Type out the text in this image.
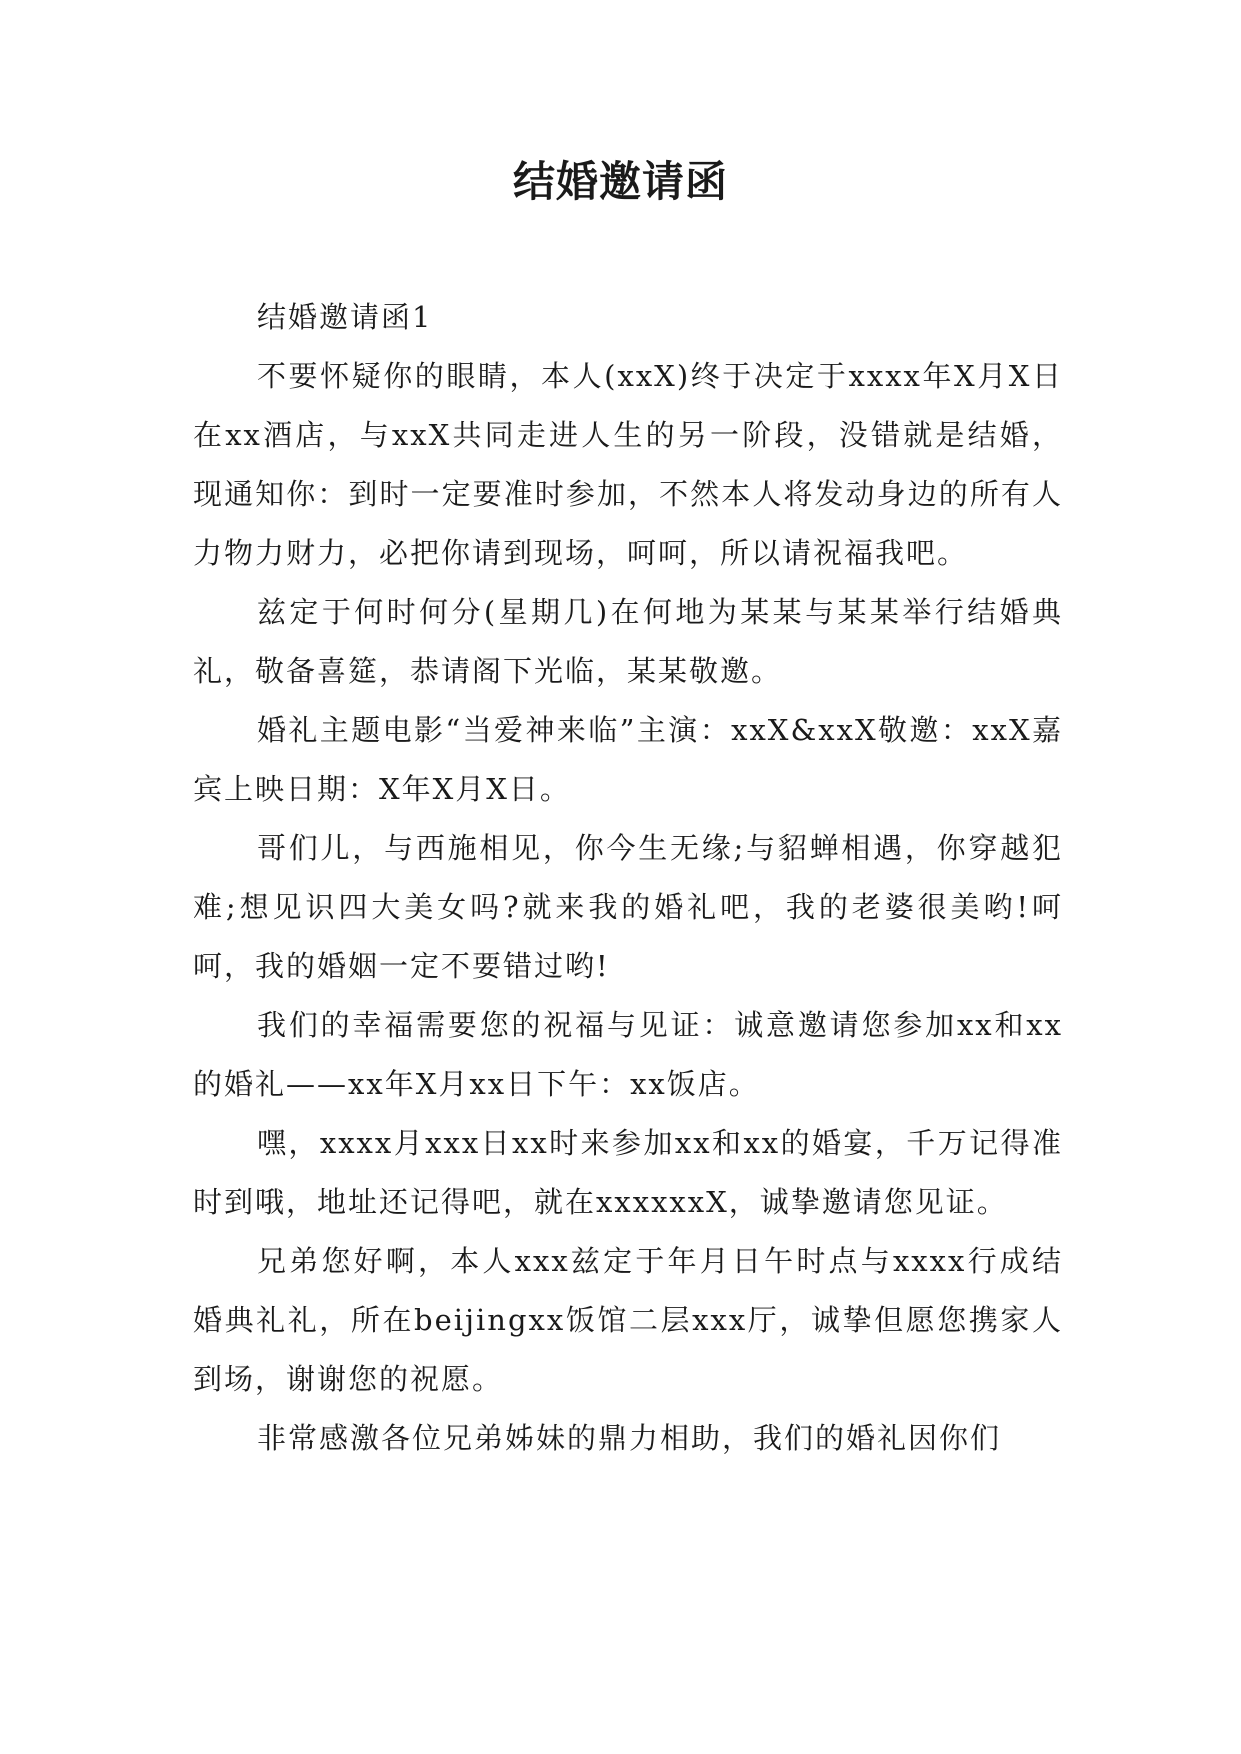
结婚邀请函

结婚邀请函1

不要怀疑你的眼睛，本人(xxX)终于决定于xxxx年X月X日在xx酒店，与xxX共同走进人生的另一阶段，没错就是结婚，现通知你：到时一定要准时参加，不然本人将发动身边的所有人力物力财力，必把你请到现场，呵呵，所以请祝福我吧。

兹定于何时何分(星期几)在何地为某某与某某举行结婚典礼，敬备喜筵，恭请阁下光临，某某敬邀。

婚礼主题电影“当爱神来临”主演：xxX&xxX敬邀：xxX嘉宾上映日期：X年X月X日。

哥们儿，与西施相见，你今生无缘;与貂蝉相遇，你穿越犯难;想见识四大美女吗?就来我的婚礼吧，我的老婆很美哟!呵呵，我的婚姻一定不要错过哟!

我们的幸福需要您的祝福与见证：诚意邀请您参加xx和xx的婚礼——xx年X月xx日下午：xx饭店。

嘿，xxxx月xxx日xx时来参加xx和xx的婚宴，千万记得准时到哦，地址还记得吧，就在xxxxxxX，诚挚邀请您见证。

兄弟您好啊，本人xxx兹定于年月日午时点与xxxx行成结婚典礼礼，所在beijingxx饭馆二层xxx厅，诚挚但愿您携家人到场，谢谢您的祝愿。

非常感激各位兄弟姊妹的鼎力相助，我们的婚礼因你们
